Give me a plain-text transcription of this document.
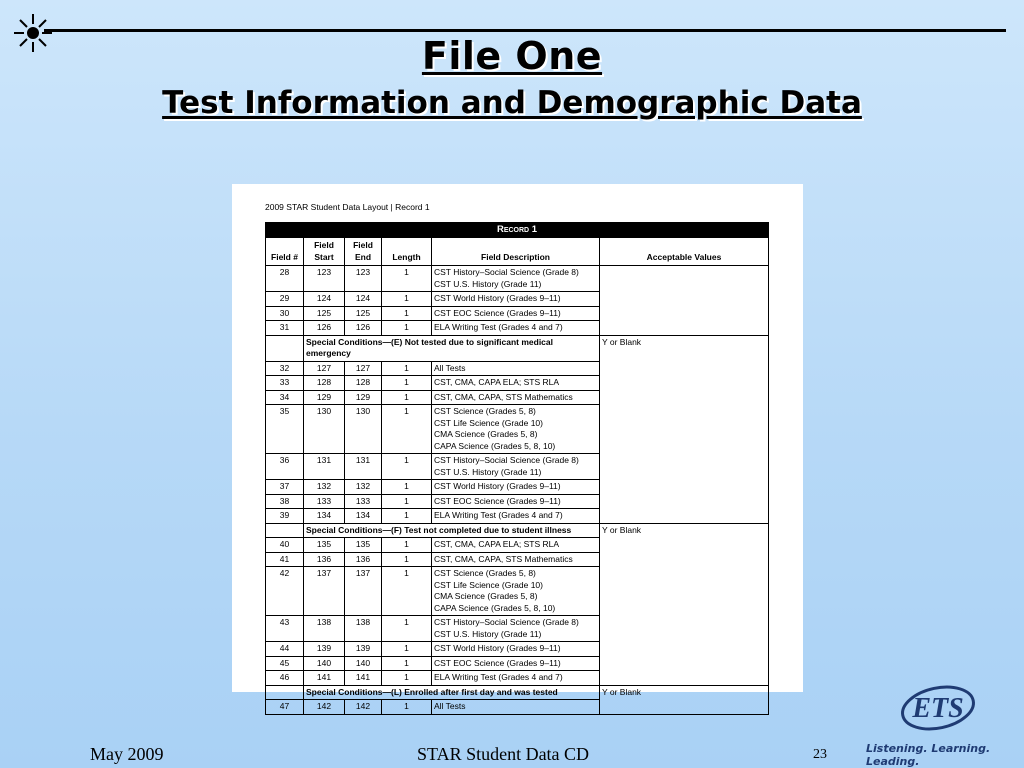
File One
Test Information and Demographic Data
2009 STAR Student Data Layout | Record 1
Record 1					
Field #	Field Start	Field End	Length	Field Description	Acceptable Values
28	123	123	1	CST History–Social Science (Grade 8)
CST U.S. History (Grade 11)	

29	124	124	1	CST World History (Grades 9–11)	

30	125	125	1	CST EOC Science (Grades 9–11)	

31	126	126	1	ELA Writing Test (Grades 4 and 7)	

	Special Conditions—(E) Not tested due to significant medical emergency				Y or Blank
32	127	127	1	All Tests	

33	128	128	1	CST, CMA, CAPA ELA; STS RLA	

34	129	129	1	CST, CMA, CAPA, STS Mathematics	

35	130	130	1	CST Science (Grades 5, 8)
CST Life Science (Grade 10)
CMA Science (Grades 5, 8)
CAPA Science (Grades 5, 8, 10)	

36	131	131	1	CST History–Social Science (Grade 8)
CST U.S. History (Grade 11)	

37	132	132	1	CST World History (Grades 9–11)	

38	133	133	1	CST EOC Science (Grades 9–11)	

39	134	134	1	ELA Writing Test (Grades 4 and 7)	

	Special Conditions—(F) Test not completed due to student illness				Y or Blank
40	135	135	1	CST, CMA, CAPA ELA; STS RLA	

41	136	136	1	CST, CMA, CAPA, STS Mathematics	

42	137	137	1	CST Science (Grades 5, 8)
CST Life Science (Grade 10)
CMA Science (Grades 5, 8)
CAPA Science (Grades 5, 8, 10)	

43	138	138	1	CST History–Social Science (Grade 8)
CST U.S. History (Grade 11)	

44	139	139	1	CST World History (Grades 9–11)	

45	140	140	1	CST EOC Science (Grades 9–11)	

46	141	141	1	ELA Writing Test (Grades 4 and 7)	

	Special Conditions—(L) Enrolled after first day and was tested				Y or Blank
47	142	142	1	All Tests	
May 2009	STAR Student Data CD	23
ETS
Listening. Learning. Leading.
